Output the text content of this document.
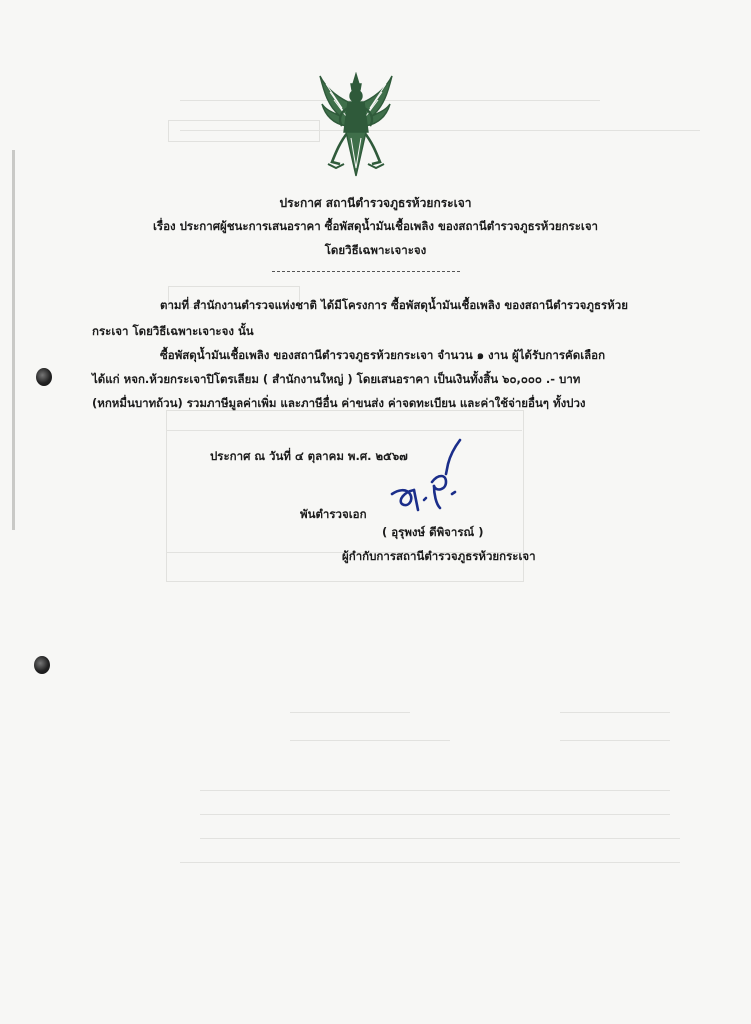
ประกาศ สถานีตำรวจภูธรห้วยกระเจา
เรื่อง ประกาศผู้ชนะการเสนอราคา ซื้อพัสดุน้ำมันเชื้อเพลิง ของสถานีตำรวจภูธรห้วยกระเจา
โดยวิธีเฉพาะเจาะจง
ตามที่ สำนักงานตำรวจแห่งชาติ ได้มีโครงการ ซื้อพัสดุน้ำมันเชื้อเพลิง ของสถานีตำรวจภูธรห้วย
กระเจา โดยวิธีเฉพาะเจาะจง นั้น
ซื้อพัสดุน้ำมันเชื้อเพลิง ของสถานีตำรวจภูธรห้วยกระเจา จำนวน ๑ งาน ผู้ได้รับการคัดเลือก
ได้แก่ หจก.ห้วยกระเจาปิโตรเลียม ( สำนักงานใหญ่ ) โดยเสนอราคา เป็นเงินทั้งสิ้น ๖๐,๐๐๐ .- บาท
(หกหมื่นบาทถ้วน) รวมภาษีมูลค่าเพิ่ม และภาษีอื่น ค่าขนส่ง ค่าจดทะเบียน และค่าใช้จ่ายอื่นๆ ทั้งปวง
ประกาศ ณ วันที่ ๔ ตุลาคม พ.ศ. ๒๕๖๗
พันตำรวจเอก
( อุรุพงษ์ ดีพิจารณ์ )
ผู้กำกับการสถานีตำรวจภูธรห้วยกระเจา
